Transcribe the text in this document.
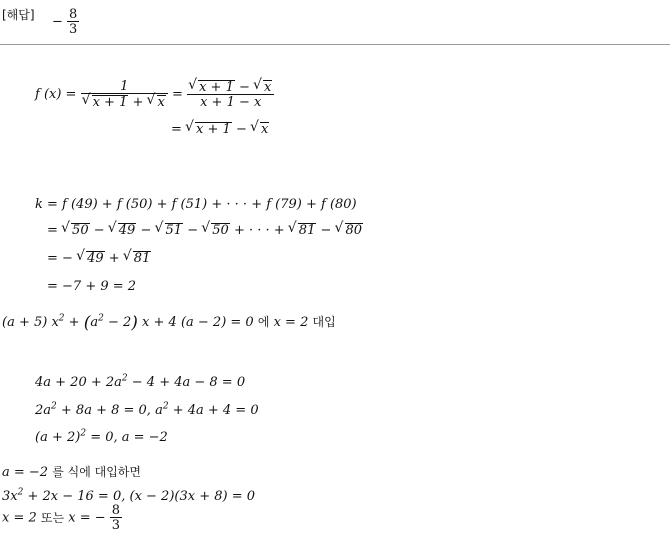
[해답] − $\frac{8}{3}$
f (x) = 1
√ x + 1 + √ x = √ $\frac{x + 1 - √ x}{x + 1 - x}$
= √ x + 1 − √ x
k = f (49) + f (50) + f (51) + · · · + f (79) + f (80)
= √ 50 − √ 49 − √ 51 − √ 50 + · · · + √ 81 − √ 80
= − √ 49 + √ 81
= −7 + 9 = 2
(a + 5) $x^2 + (a^2 - 2) x + 4$ (a − 2) = 0 에 x = 2 대입
$4a + 20 + 2a^2 - 4 + 4a - 8 = 0$
$2a^2 + 8a + 8 = 0$, $a^2 + 4a + 4 = 0$
$(a + 2)^2 = 0$, a = −2
a = −2 를 식에 대입하면
$3x^2 + 2x - 16 = 0$, (x − 2)(3x + 8) = 0
x = 2 또는 x = − $\frac{8}{3}$
